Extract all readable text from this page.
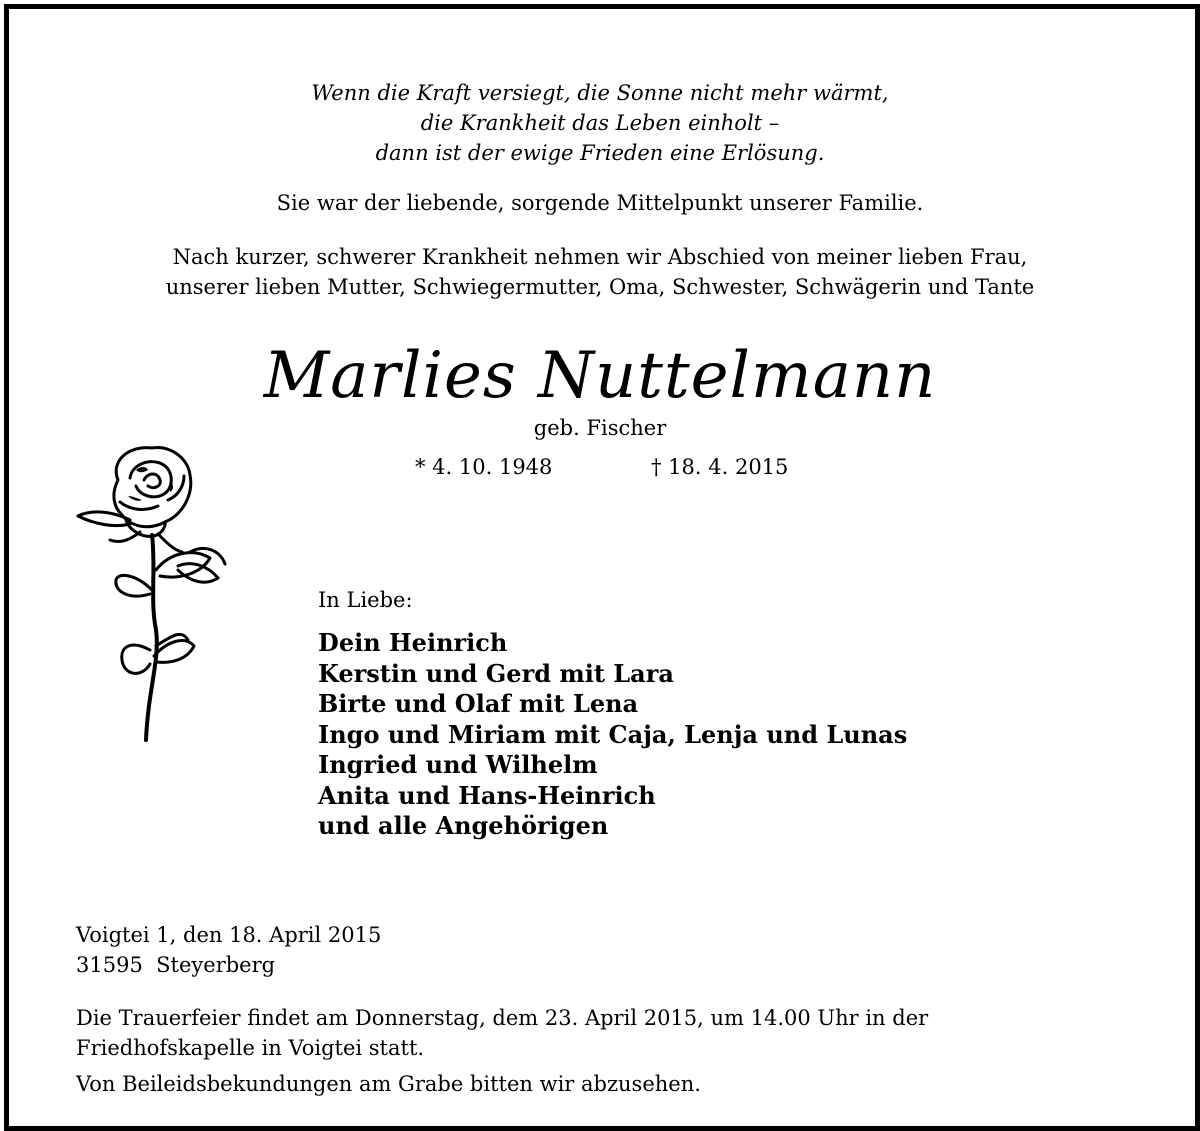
Wenn die Kraft versiegt, die Sonne nicht mehr wärmt,
die Krankheit das Leben einholt –
dann ist der ewige Frieden eine Erlösung.
Sie war der liebende, sorgende Mittelpunkt unserer Familie.
Nach kurzer, schwerer Krankheit nehmen wir Abschied von meiner lieben Frau,
unserer lieben Mutter, Schwiegermutter, Oma, Schwester, Schwägerin und Tante
Marlies Nuttelmann
geb. Fischer
* 4. 10. 1948	† 18. 4. 2015
In Liebe:
Dein Heinrich
Kerstin und Gerd mit Lara
Birte und Olaf mit Lena
Ingo und Miriam mit Caja, Lenja und Lunas
Ingried und Wilhelm
Anita und Hans-Heinrich
und alle Angehörigen
Voigtei 1, den 18. April 2015
31595  Steyerberg
Die Trauerfeier findet am Donnerstag, dem 23. April 2015, um 14.00 Uhr in der
Friedhofskapelle in Voigtei statt.
Von Beileidsbekundungen am Grabe bitten wir abzusehen.
